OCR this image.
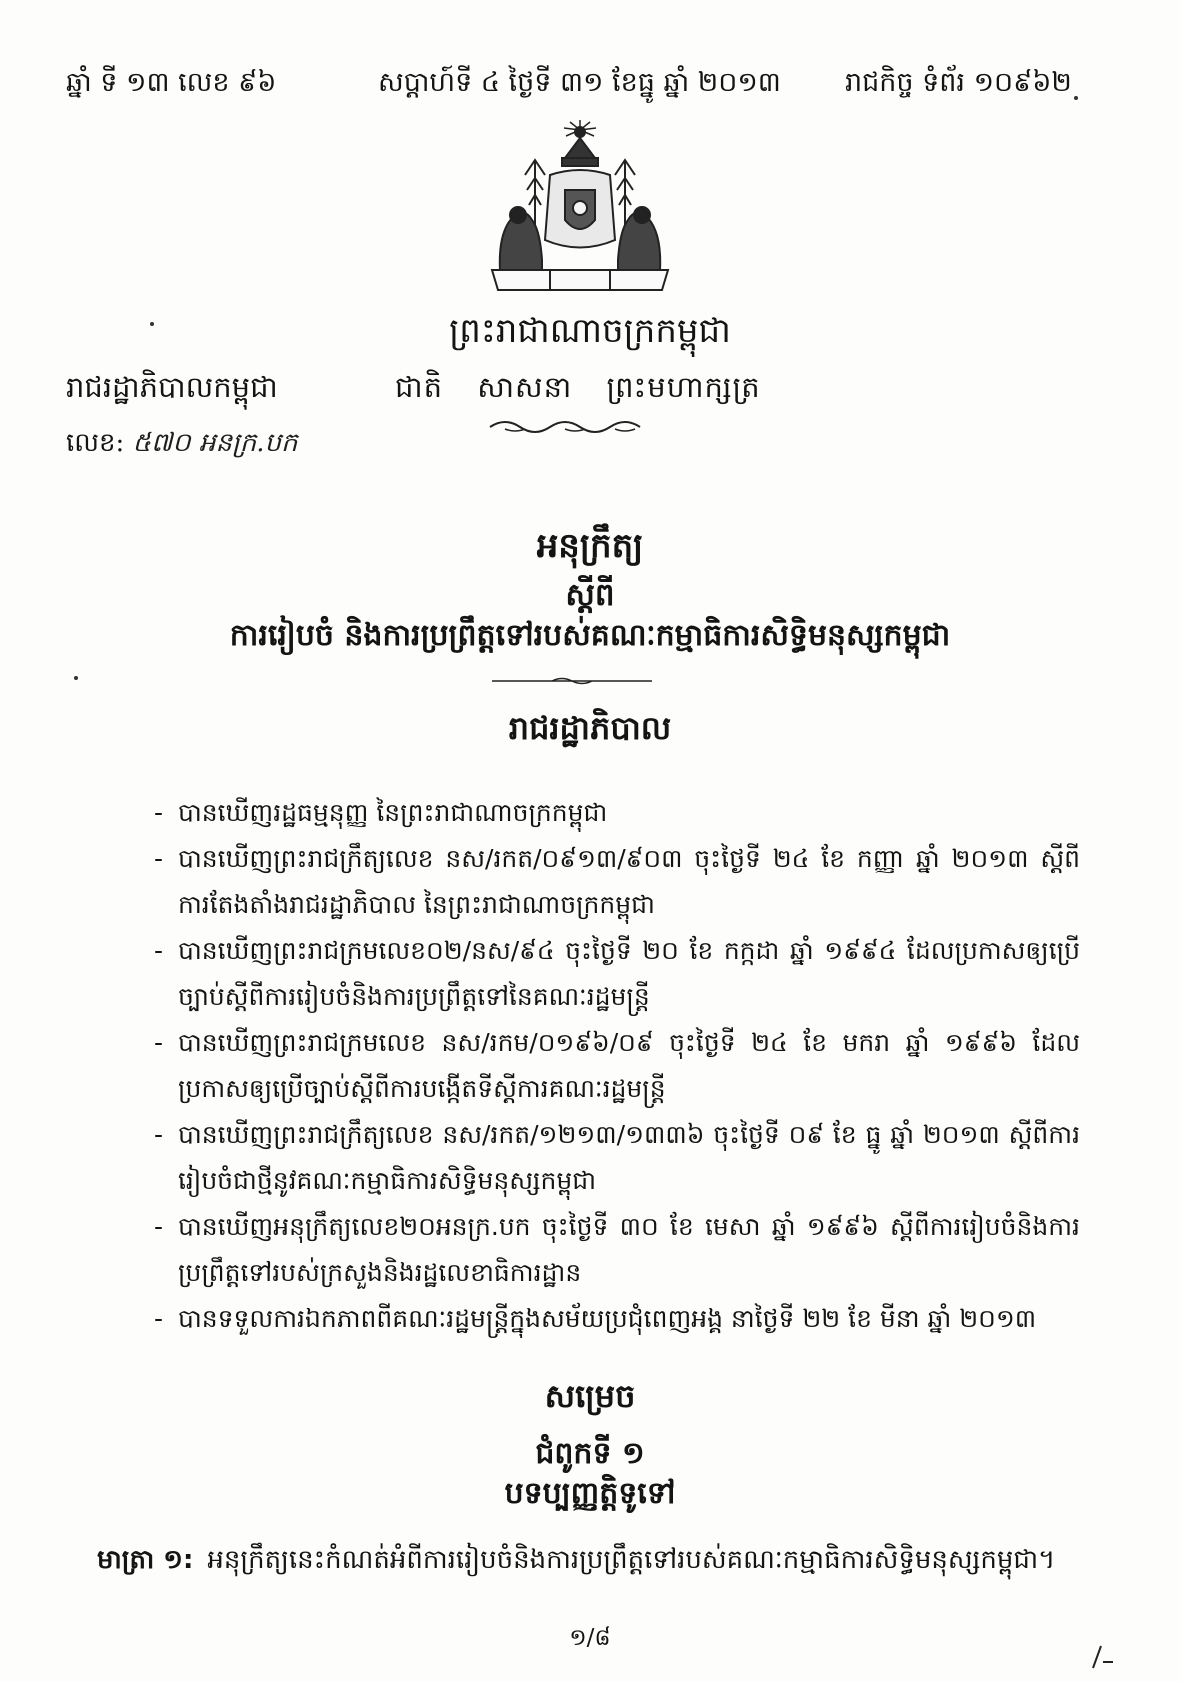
ឆ្នាំ ទី ១៣ លេខ ៩៦	សប្តាហ៍ទី ៤ ថ្ងៃទី ៣១ ខែធ្នូ ឆ្នាំ ២០១៣ រាជកិច្ច ទំព័រ ១០៩៦២
ព្រះរាជាណាចក្រកម្ពុជា
រាជរដ្ឋាភិបាលកម្ពុជា	ជាតិ សាសនា ព្រះមហាក្សត្រ
លេខ: ៥៧០ អនក្រ.បក
អនុក្រឹត្យ
ស្តីពី
ការរៀបចំ និងការប្រព្រឹត្តទៅរបស់គណៈកម្មាធិការសិទ្ធិមនុស្សកម្ពុជា
រាជរដ្ឋាភិបាល
- បានឃើញរដ្ឋធម្មនុញ្ញ នៃព្រះរាជាណាចក្រកម្ពុជា
- បានឃើញព្រះរាជក្រឹត្យលេខ នស/រកត/០៩១៣/៩០៣ ចុះថ្ងៃទី ២៤ ខែ កញ្ញា ឆ្នាំ ២០១៣ ស្តីពីការតែងតាំងរាជរដ្ឋាភិបាល នៃព្រះរាជាណាចក្រកម្ពុជា
- បានឃើញព្រះរាជក្រមលេខ០២/នស/៩៤ ចុះថ្ងៃទី ២០ ខែ កក្កដា ឆ្នាំ ១៩៩៤ ដែលប្រកាសឲ្យប្រើច្បាប់ស្តីពីការរៀបចំនិងការប្រព្រឹត្តទៅនៃគណៈរដ្ឋមន្ត្រី
- បានឃើញព្រះរាជក្រមលេខ នស/រកម/០១៩៦/០៩ ចុះថ្ងៃទី ២៤ ខែ មករា ឆ្នាំ ១៩៩៦ ដែលប្រកាសឲ្យប្រើច្បាប់ស្តីពីការបង្កើតទីស្តីការគណៈរដ្ឋមន្ត្រី
- បានឃើញព្រះរាជក្រឹត្យលេខ នស/រកត/១២១៣/១៣៣៦ ចុះថ្ងៃទី ០៩ ខែ ធ្នូ ឆ្នាំ ២០១៣ ស្តីពីការរៀបចំជាថ្មីនូវគណៈកម្មាធិការសិទ្ធិមនុស្សកម្ពុជា
- បានឃើញអនុក្រឹត្យលេខ២០អនក្រ.បក ចុះថ្ងៃទី ៣០ ខែ មេសា ឆ្នាំ ១៩៩៦ ស្តីពីការរៀបចំនិងការប្រព្រឹត្តទៅរបស់ក្រសួងនិងរដ្ឋលេខាធិការដ្ឋាន
- បានទទួលការឯកភាពពីគណៈរដ្ឋមន្ត្រីក្នុងសម័យប្រជុំពេញអង្គ នាថ្ងៃទី ២២ ខែ មីនា ឆ្នាំ ២០១៣
សម្រេច
ជំពូកទី ១
បទប្បញ្ញត្តិទូទៅ
មាត្រា ១: អនុក្រឹត្យនេះកំណត់អំពីការរៀបចំនិងការប្រព្រឹត្តទៅរបស់គណៈកម្មាធិការសិទ្ធិមនុស្សកម្ពុជា។
១/៨
